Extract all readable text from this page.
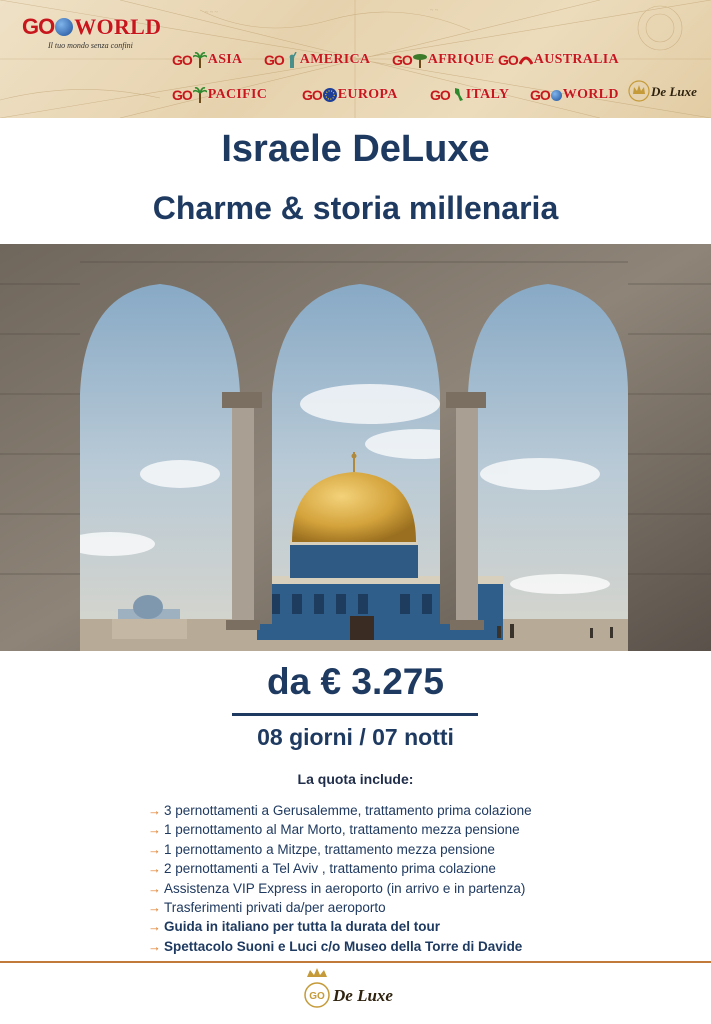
~ ~ ~	~ ~
GO WORLD
Il tuo mondo senza confini
GO ASIA GO AMERICA GO AFRIQUE GO AUSTRALIA
GO PACIFIC GO EUROPA GO ITALY GO WORLD De Luxe
Israele DeLuxe
Charme & storia millenaria
da € 3.275
08 giorni / 07 notti
La quota include:
→ 3 pernottamenti a Gerusalemme, trattamento prima colazione
→ 1 pernottamento al Mar Morto, trattamento mezza pensione
→ 1 pernottamento a Mitzpe, trattamento mezza pensione
→ 2 pernottamenti a Tel Aviv , trattamento prima colazione
→ Assistenza VIP Express in aeroporto (in arrivo e in partenza)
→ Trasferimenti privati da/per aeroporto
→ Guida in italiano per tutta la durata del tour
→ Spettacolo Suoni e Luci c/o Museo della Torre di Davide
GO De Luxe
